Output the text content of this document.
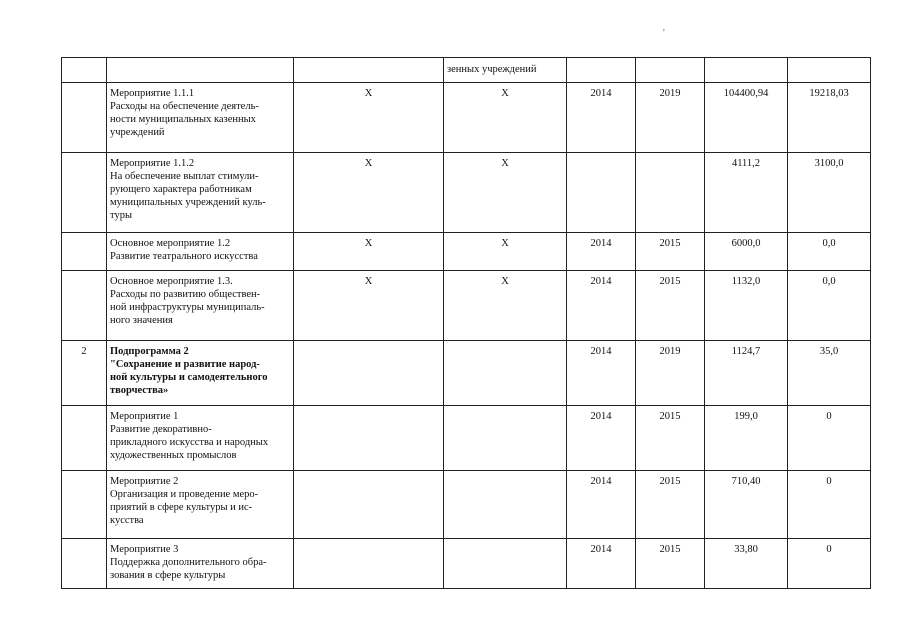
'
			зенных учреждений				

	Мероприятие 1.1.1
Расходы на обеспечение деятель-
ности муниципальных казенных
учреждений	X	X	2014	2019	104400,94	19218,03

	Мероприятие 1.1.2
На обеспечение выплат стимули-
рующего характера работникам
муниципальных учреждений куль-
туры	X	X			4111,2	3100,0

	Основное мероприятие 1.2
Развитие театрального искусства	X	X	2014	2015	6000,0	0,0

	Основное мероприятие 1.3.
Расходы по развитию обществен-
ной инфраструктуры муниципаль-
ного значения	X	X	2014	2015	1132,0	0,0
2	Подпрограмма 2
"Сохранение и развитие народ-
ной культуры и самодеятельного
творчества»			2014	2019	1124,7	35,0

	Мероприятие 1
Развитие декоративно-
прикладного искусства и народных
художественных промыслов			2014	2015	199,0	0

	Мероприятие 2
Организация и проведение меро-
приятий в сфере культуры и ис-
кусства			2014	2015	710,40	0

	Мероприятие 3
Поддержка дополнительного обра-
зования в сфере культуры			2014	2015	33,80	0
